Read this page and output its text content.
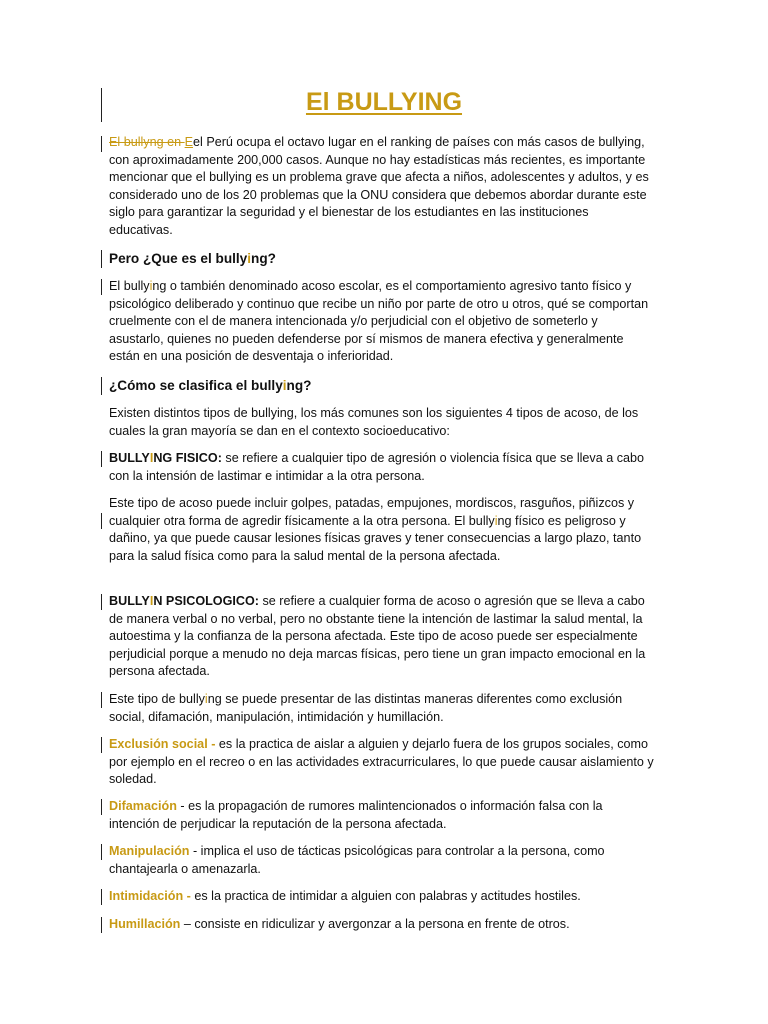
El BULLYING

El bullyng en Eel Perú ocupa el octavo lugar en el ranking de países con más casos de bullying, con aproximadamente 200,000 casos. Aunque no hay estadísticas más recientes, es importante mencionar que el bullying es un problema grave que afecta a niños, adolescentes y adultos, y es considerado uno de los 20 problemas que la ONU considera que debemos abordar durante este siglo para garantizar la seguridad y el bienestar de los estudiantes en las instituciones educativas.

Pero ¿Que es el bullying?

El bullying o también denominado acoso escolar, es el comportamiento agresivo tanto físico y psicológico deliberado y continuo que recibe un niño por parte de otro u otros, qué se comportan cruelmente con el de manera intencionada y/o perjudicial con el objetivo de someterlo y asustarlo, quienes no pueden defenderse por sí mismos de manera efectiva y generalmente están en una posición de desventaja o inferioridad.

¿Cómo se clasifica el bullying?

Existen distintos tipos de bullying, los más comunes son los siguientes 4 tipos de acoso, de los cuales la gran mayoría se dan en el contexto socioeducativo:

BULLYING FISICO: se refiere a cualquier tipo de agresión o violencia física que se lleva a cabo con la intensión de lastimar e intimidar a la otra persona.

Este tipo de acoso puede incluir golpes, patadas, empujones, mordiscos, rasguños, piñizcos y cualquier otra forma de agredir físicamente a la otra persona. El bullying físico es peligroso y dañino, ya que puede causar lesiones físicas graves y tener consecuencias a largo plazo, tanto para la salud física como para la salud mental de la persona afectada.

BULLYIN PSICOLOGICO: se refiere a cualquier forma de acoso o agresión que se lleva a cabo de manera verbal o no verbal, pero no obstante tiene la intención de lastimar la salud mental, la autoestima y la confianza de la persona afectada. Este tipo de acoso puede ser especialmente perjudicial porque a menudo no deja marcas físicas, pero tiene un gran impacto emocional en la persona afectada.

Este tipo de bullying se puede presentar de las distintas maneras diferentes como exclusión social, difamación, manipulación, intimidación y humillación.

Exclusión social - es la practica de aislar a alguien y dejarlo fuera de los grupos sociales, como por ejemplo en el recreo o en las actividades extracurriculares, lo que puede causar aislamiento y soledad.

Difamación - es la propagación de rumores malintencionados o información falsa con la intención de perjudicar la reputación de la persona afectada.

Manipulación - implica el uso de tácticas psicológicas para controlar a la persona, como chantajearla o amenazarla.

Intimidación - es la practica de intimidar a alguien con palabras y actitudes hostiles.

Humillación – consiste en ridiculizar y avergonzar a la persona en frente de otros.
